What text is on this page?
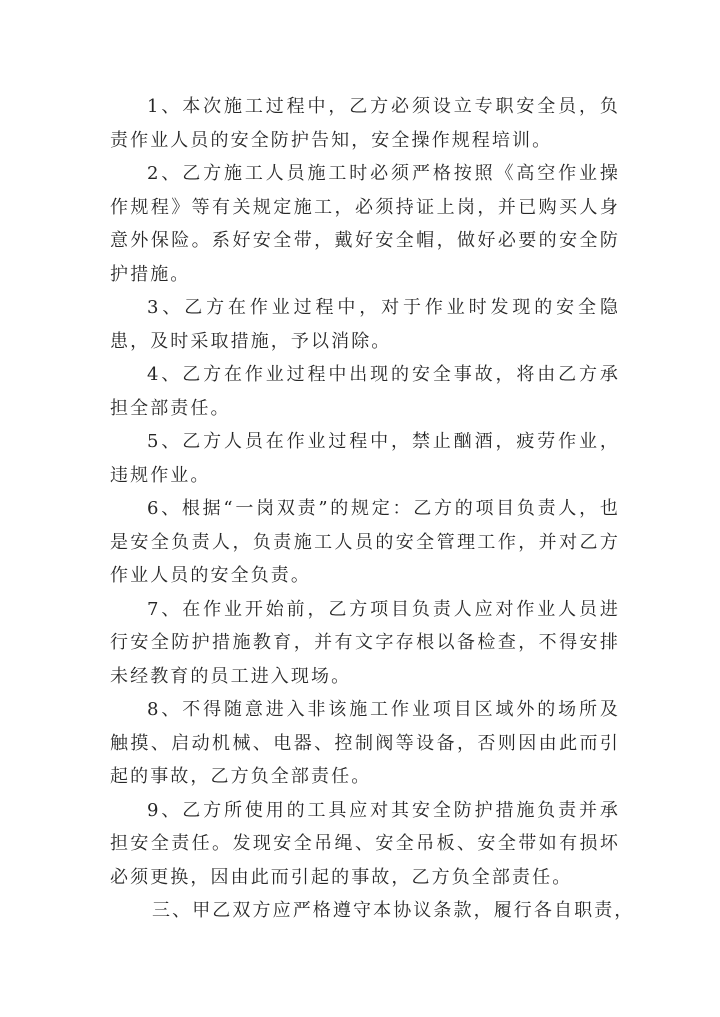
1、本次施工过程中，乙方必须设立专职安全员，负责作业人员的安全防护告知，安全操作规程培训。

2、乙方施工人员施工时必须严格按照《高空作业操作规程》等有关规定施工，必须持证上岗，并已购买人身意外保险。系好安全带，戴好安全帽，做好必要的安全防护措施。

3、乙方在作业过程中，对于作业时发现的安全隐患，及时采取措施，予以消除。

4、乙方在作业过程中出现的安全事故，将由乙方承担全部责任。

5、乙方人员在作业过程中，禁止酗酒，疲劳作业，违规作业。

6、根据“一岗双责”的规定：乙方的项目负责人，也是安全负责人，负责施工人员的安全管理工作，并对乙方作业人员的安全负责。

7、在作业开始前，乙方项目负责人应对作业人员进行安全防护措施教育，并有文字存根以备检查，不得安排未经教育的员工进入现场。

8、不得随意进入非该施工作业项目区域外的场所及触摸、启动机械、电器、控制阀等设备，否则因由此而引起的事故，乙方负全部责任。

9、乙方所使用的工具应对其安全防护措施负责并承担安全责任。发现安全吊绳、安全吊板、安全带如有损坏必须更换，因由此而引起的事故，乙方负全部责任。

三、甲乙双方应严格遵守本协议条款，履行各自职责，
